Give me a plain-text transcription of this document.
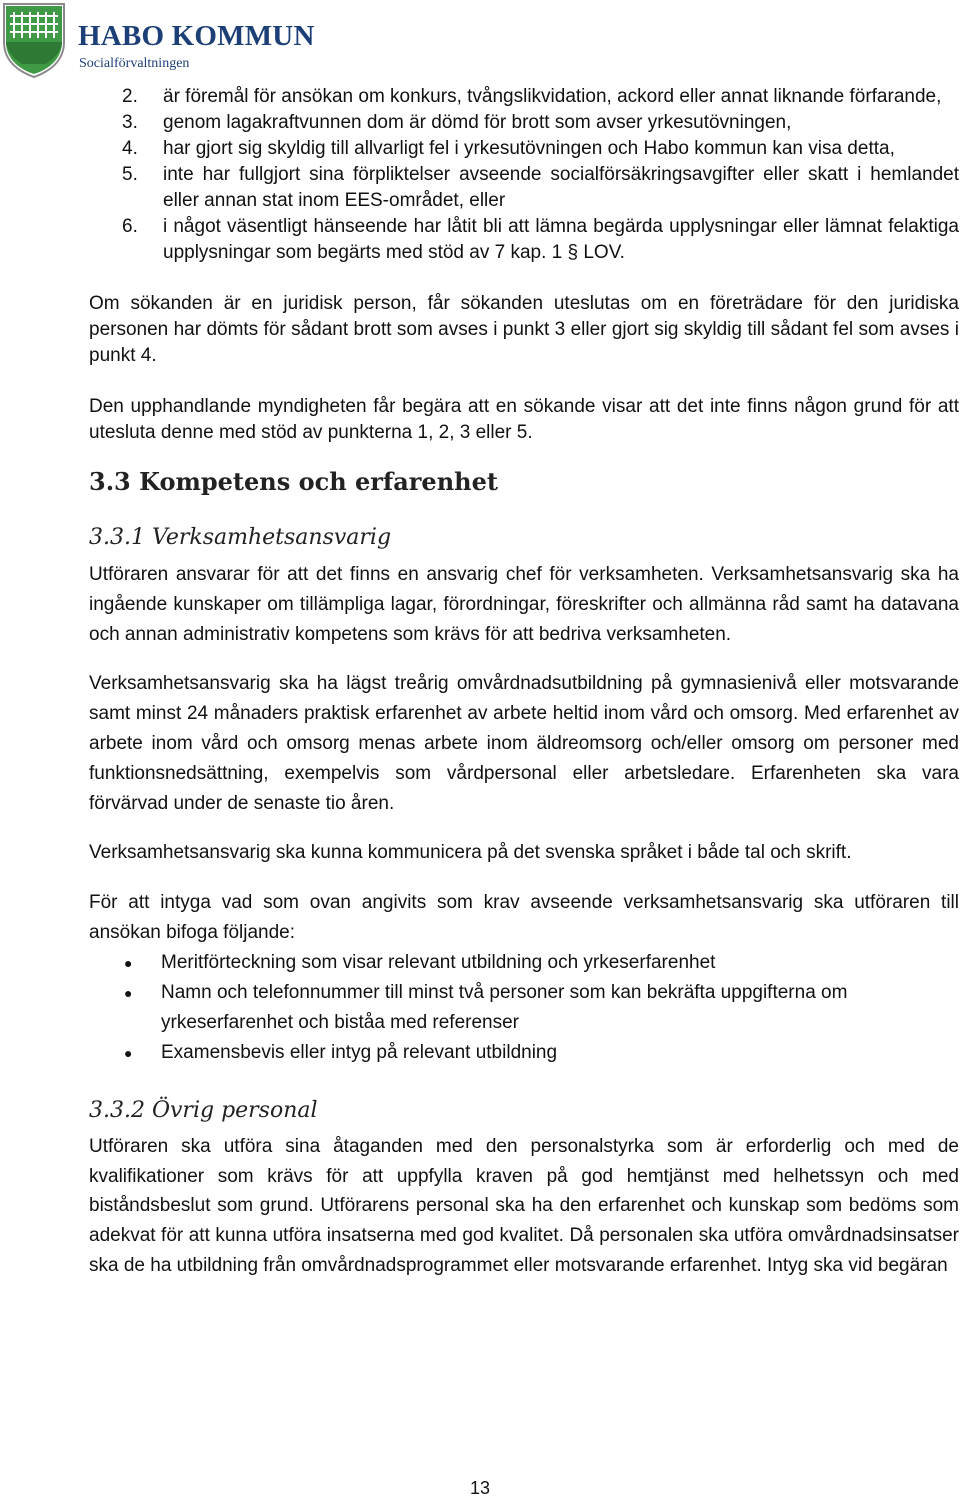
HABO KOMMUN
Socialförvaltningen
2. är föremål för ansökan om konkurs, tvångslikvidation, ackord eller annat liknande förfarande,
3. genom lagakraftvunnen dom är dömd för brott som avser yrkesutövningen,
4. har gjort sig skyldig till allvarligt fel i yrkesutövningen och Habo kommun kan visa detta,
5. inte har fullgjort sina förpliktelser avseende socialförsäkringsavgifter eller skatt i hemlandet eller annan stat inom EES-området, eller
6. i något väsentligt hänseende har låtit bli att lämna begärda upplysningar eller lämnat felaktiga upplysningar som begärts med stöd av 7 kap. 1 § LOV.

Om sökanden är en juridisk person, får sökanden uteslutas om en företrädare för den juridiska personen har dömts för sådant brott som avses i punkt 3 eller gjort sig skyldig till sådant fel som avses i punkt 4.

Den upphandlande myndigheten får begära att en sökande visar att det inte finns någon grund för att utesluta denne med stöd av punkterna 1, 2, 3 eller 5.

3.3 Kompetens och erfarenhet
3.3.1 Verksamhetsansvarig

Utföraren ansvarar för att det finns en ansvarig chef för verksamheten. Verksamhetsansvarig ska ha ingående kunskaper om tillämpliga lagar, förordningar, föreskrifter och allmänna råd samt ha datavana och annan administrativ kompetens som krävs för att bedriva verksamheten.

Verksamhetsansvarig ska ha lägst treårig omvårdnadsutbildning på gymnasienivå eller motsvarande samt minst 24 månaders praktisk erfarenhet av arbete heltid inom vård och omsorg. Med erfarenhet av arbete inom vård och omsorg menas arbete inom äldreomsorg och/eller omsorg om personer med funktionsnedsättning, exempelvis som vårdpersonal eller arbetsledare. Erfarenheten ska vara förvärvad under de senaste tio åren.

Verksamhetsansvarig ska kunna kommunicera på det svenska språket i både tal och skrift.

För att intyga vad som ovan angivits som krav avseende verksamhetsansvarig ska utföraren till ansökan bifoga följande:

● Meritförteckning som visar relevant utbildning och yrkeserfarenhet
● Namn och telefonnummer till minst två personer som kan bekräfta uppgifterna om yrkeserfarenhet och biståa med referenser
● Examensbevis eller intyg på relevant utbildning
3.3.2 Övrig personal

Utföraren ska utföra sina åtaganden med den personalstyrka som är erforderlig och med de kvalifikationer som krävs för att uppfylla kraven på god hemtjänst med helhetssyn och med biståndsbeslut som grund. Utförarens personal ska ha den erfarenhet och kunskap som bedöms som adekvat för att kunna utföra insatserna med god kvalitet. Då personalen ska utföra omvårdnadsinsatser ska de ha utbildning från omvårdnadsprogrammet eller motsvarande erfarenhet. Intyg ska vid begäran

13
